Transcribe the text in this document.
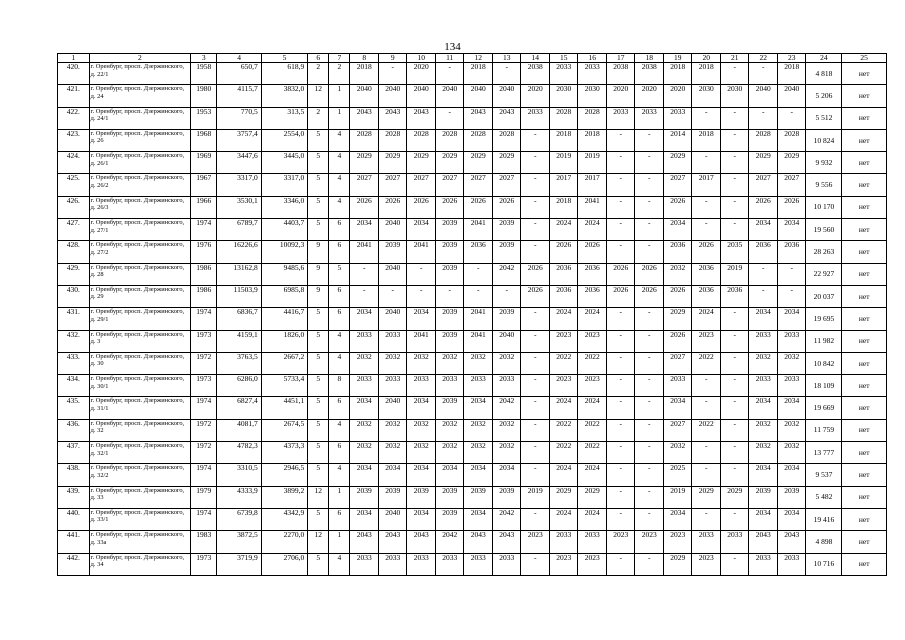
134
1	2	3	4	5	6	7	8	9	10	11	12	13	14	15	16	17	18	19	20	21	22	23	24	25
420.	г. Оренбург, просп. Дзержинского, д. 22/1	1958	650,7	618,9	2	2	2018	-	2020	-	2018	-	2038	2033	2033	2038	2038	2018	2018	-	-	2018	4 818	нет
421.	г. Оренбург, просп. Дзержинского, д. 24	1980	4115,7	3832,0	12	1	2040	2040	2040	2040	2040	2040	2020	2030	2030	2020	2020	2020	2030	2030	2040	2040	5 206	нет
422.	г. Оренбург, просп. Дзержинского, д. 24/1	1953	770,5	313,5	2	1	2043	2043	2043	-	2043	2043	2033	2028	2028	2033	2033	2033	-	-	-	-	5 512	нет
423.	г. Оренбург, просп. Дзержинского, д. 26	1968	3757,4	2554,0	5	4	2028	2028	2028	2028	2028	2028	-	2018	2018	-	-	2014	2018	-	2028	2028	10 824	нет
424.	г. Оренбург, просп. Дзержинского, д. 26/1	1969	3447,6	3445,0	5	4	2029	2029	2029	2029	2029	2029	-	2019	2019	-	-	2029	-	-	2029	2029	9 932	нет
425.	г. Оренбург, просп. Дзержинского, д. 26/2	1967	3317,0	3317,0	5	4	2027	2027	2027	2027	2027	2027	-	2017	2017	-	-	2027	2017	-	2027	2027	9 556	нет
426.	г. Оренбург, просп. Дзержинского, д. 26/3	1966	3530,1	3346,0	5	4	2026	2026	2026	2026	2026	2026	-	2018	2041	-	-	2026	-	-	2026	2026	10 170	нет
427.	г. Оренбург, просп. Дзержинского, д. 27/1	1974	6789,7	4403,7	5	6	2034	2040	2034	2039	2041	2039	-	2024	2024	-	-	2034	-	-	2034	2034	19 560	нет
428.	г. Оренбург, просп. Дзержинского, д. 27/2	1976	16226,6	10092,3	9	6	2041	2039	2041	2039	2036	2039	-	2026	2026	-	-	2036	2026	2035	2036	2036	28 263	нет
429.	г. Оренбург, просп. Дзержинского, д. 28	1986	13162,8	9485,6	9	5	-	2040	-	2039	-	2042	2026	2036	2036	2026	2026	2032	2036	2019	-	-	22 927	нет
430.	г. Оренбург, просп. Дзержинского, д. 29	1986	11503,9	6985,8	9	6	-	-	-	-	-	-	2026	2036	2036	2026	2026	2026	2036	2036	-	-	20 037	нет
431.	г. Оренбург, просп. Дзержинского, д. 29/1	1974	6836,7	4416,7	5	6	2034	2040	2034	2039	2041	2039	-	2024	2024	-	-	2029	2024	-	2034	2034	19 695	нет
432.	г. Оренбург, просп. Дзержинского, д. 3	1973	4159,1	1826,0	5	4	2033	2033	2041	2039	2041	2040	-	2023	2023	-	-	2026	2023	-	2033	2033	11 982	нет
433.	г. Оренбург, просп. Дзержинского, д. 30	1972	3763,5	2667,2	5	4	2032	2032	2032	2032	2032	2032	-	2022	2022	-	-	2027	2022	-	2032	2032	10 842	нет
434.	г. Оренбург, просп. Дзержинского, д. 30/1	1973	6286,0	5733,4	5	8	2033	2033	2033	2033	2033	2033	-	2023	2023	-	-	2033	-	-	2033	2033	18 109	нет
435.	г. Оренбург, просп. Дзержинского, д. 31/1	1974	6827,4	4451,1	5	6	2034	2040	2034	2039	2034	2042	-	2024	2024	-	-	2034	-	-	2034	2034	19 669	нет
436.	г. Оренбург, просп. Дзержинского, д. 32	1972	4081,7	2674,5	5	4	2032	2032	2032	2032	2032	2032	-	2022	2022	-	-	2027	2022	-	2032	2032	11 759	нет
437.	г. Оренбург, просп. Дзержинского, д. 32/1	1972	4782,3	4373,3	5	6	2032	2032	2032	2032	2032	2032	-	2022	2022	-	-	2032	-	-	2032	2032	13 777	нет
438.	г. Оренбург, просп. Дзержинского, д. 32/2	1974	3310,5	2946,5	5	4	2034	2034	2034	2034	2034	2034	-	2024	2024	-	-	2025	-	-	2034	2034	9 537	нет
439.	г. Оренбург, просп. Дзержинского, д. 33	1979	4333,9	3899,2	12	1	2039	2039	2039	2039	2039	2039	2019	2029	2029	-	-	2019	2029	2029	2039	2039	5 482	нет
440.	г. Оренбург, просп. Дзержинского, д. 33/1	1974	6739,8	4342,9	5	6	2034	2040	2034	2039	2034	2042	-	2024	2024	-	-	2034	-	-	2034	2034	19 416	нет
441.	г. Оренбург, просп. Дзержинского, д. 33а	1983	3872,5	2270,0	12	1	2043	2043	2043	2042	2043	2043	2023	2033	2033	2023	2023	2023	2033	2033	2043	2043	4 898	нет
442.	г. Оренбург, просп. Дзержинского, д. 34	1973	3719,9	2706,0	5	4	2033	2033	2033	2033	2033	2033	-	2023	2023	-	-	2029	2023	-	2033	2033	10 716	нет
